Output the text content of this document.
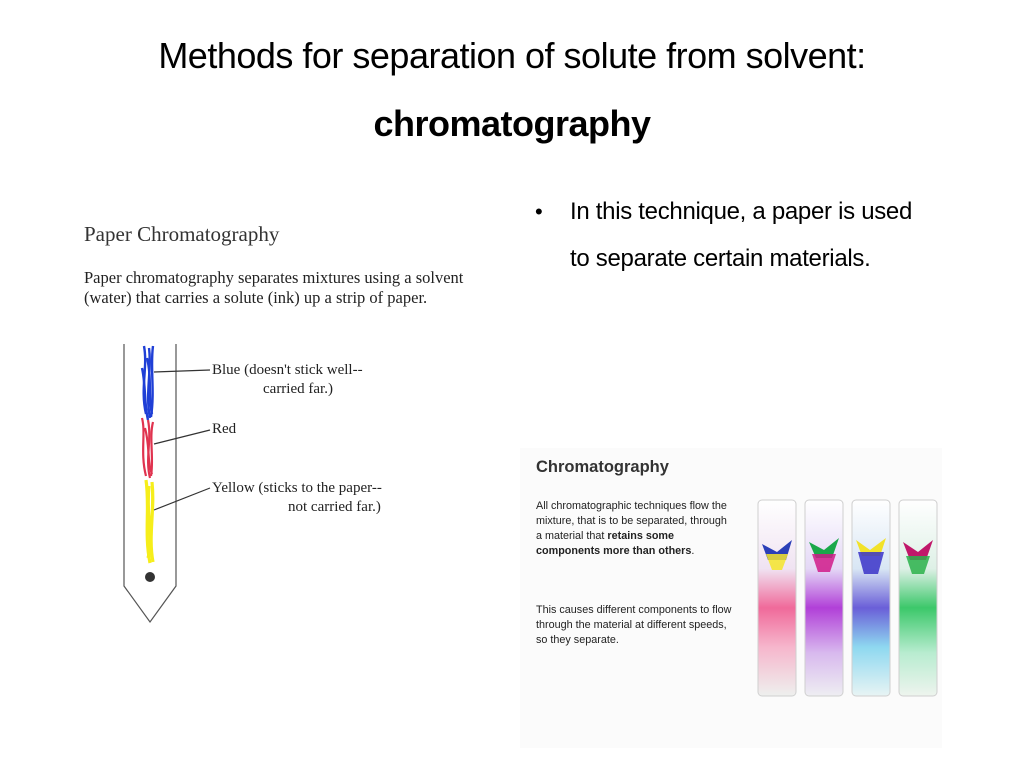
Methods for separation of solute from solvent:
chromatography
• In this technique, a paper is used to separate certain materials.
Paper Chromatography
Paper chromatography separates mixtures using a solvent (water) that carries a solute (ink) up a strip of paper.
Blue (doesn't stick well--
carried far.)
Red
Yellow (sticks to the paper--
not carried far.)
Chromatography
All chromatographic techniques flow the mixture, that is to be separated, through a material that retains some components more than others.
This causes different components to flow through the material at different speeds, so they separate.
